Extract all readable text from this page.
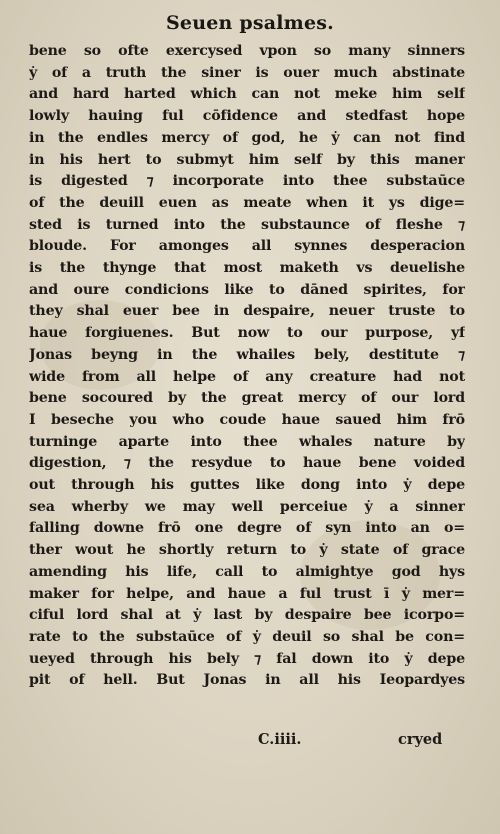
Seuen psalmes.
bene so ofte exercysed vpon so many sinners
ẏ of a truth the siner is ouer much abstinate
and hard harted which can not meke him self
lowly hauing ful cōfidence and stedfast hope
in the endles mercy of god, he ẏ can not find
in his hert to submyt him self by this maner
is digested ⁊ incorporate into thee substaūce
of the deuill euen as meate when it ys dige=
sted is turned into the substaunce of fleshe ⁊
bloude. For amonges all synnes desperacion
is the thynge that most maketh vs deuelishe
and oure condicions like to dāned spirites, for
they shal euer bee in despaire, neuer truste to
haue forgiuenes. But now to our purpose, yf
Jonas beyng in the whailes bely, destitute ⁊
wide from all helpe of any creature had not
bene socoured by the great mercy of our lord
I beseche you who coude haue saued him frō
turninge aparte into thee whales nature by
digestion, ⁊ the resydue to haue bene voided
out through his guttes like dong into ẏ depe
sea wherby we may well perceiue ẏ a sinner
falling downe frō one degre of syn into an o=
ther wout he shortly return to ẏ state of grace
amending his life, call to almightye god hys
maker for helpe, and haue a ful trust ī ẏ mer=
ciful lord shal at ẏ last by despaire bee icorpo=
rate to the substaūce of ẏ deuil so shal be con=
ueyed through his bely ⁊ fal down ito ẏ depe
pit of hell. But Jonas in all his Ieopardyes
C.iiii.	cryed
